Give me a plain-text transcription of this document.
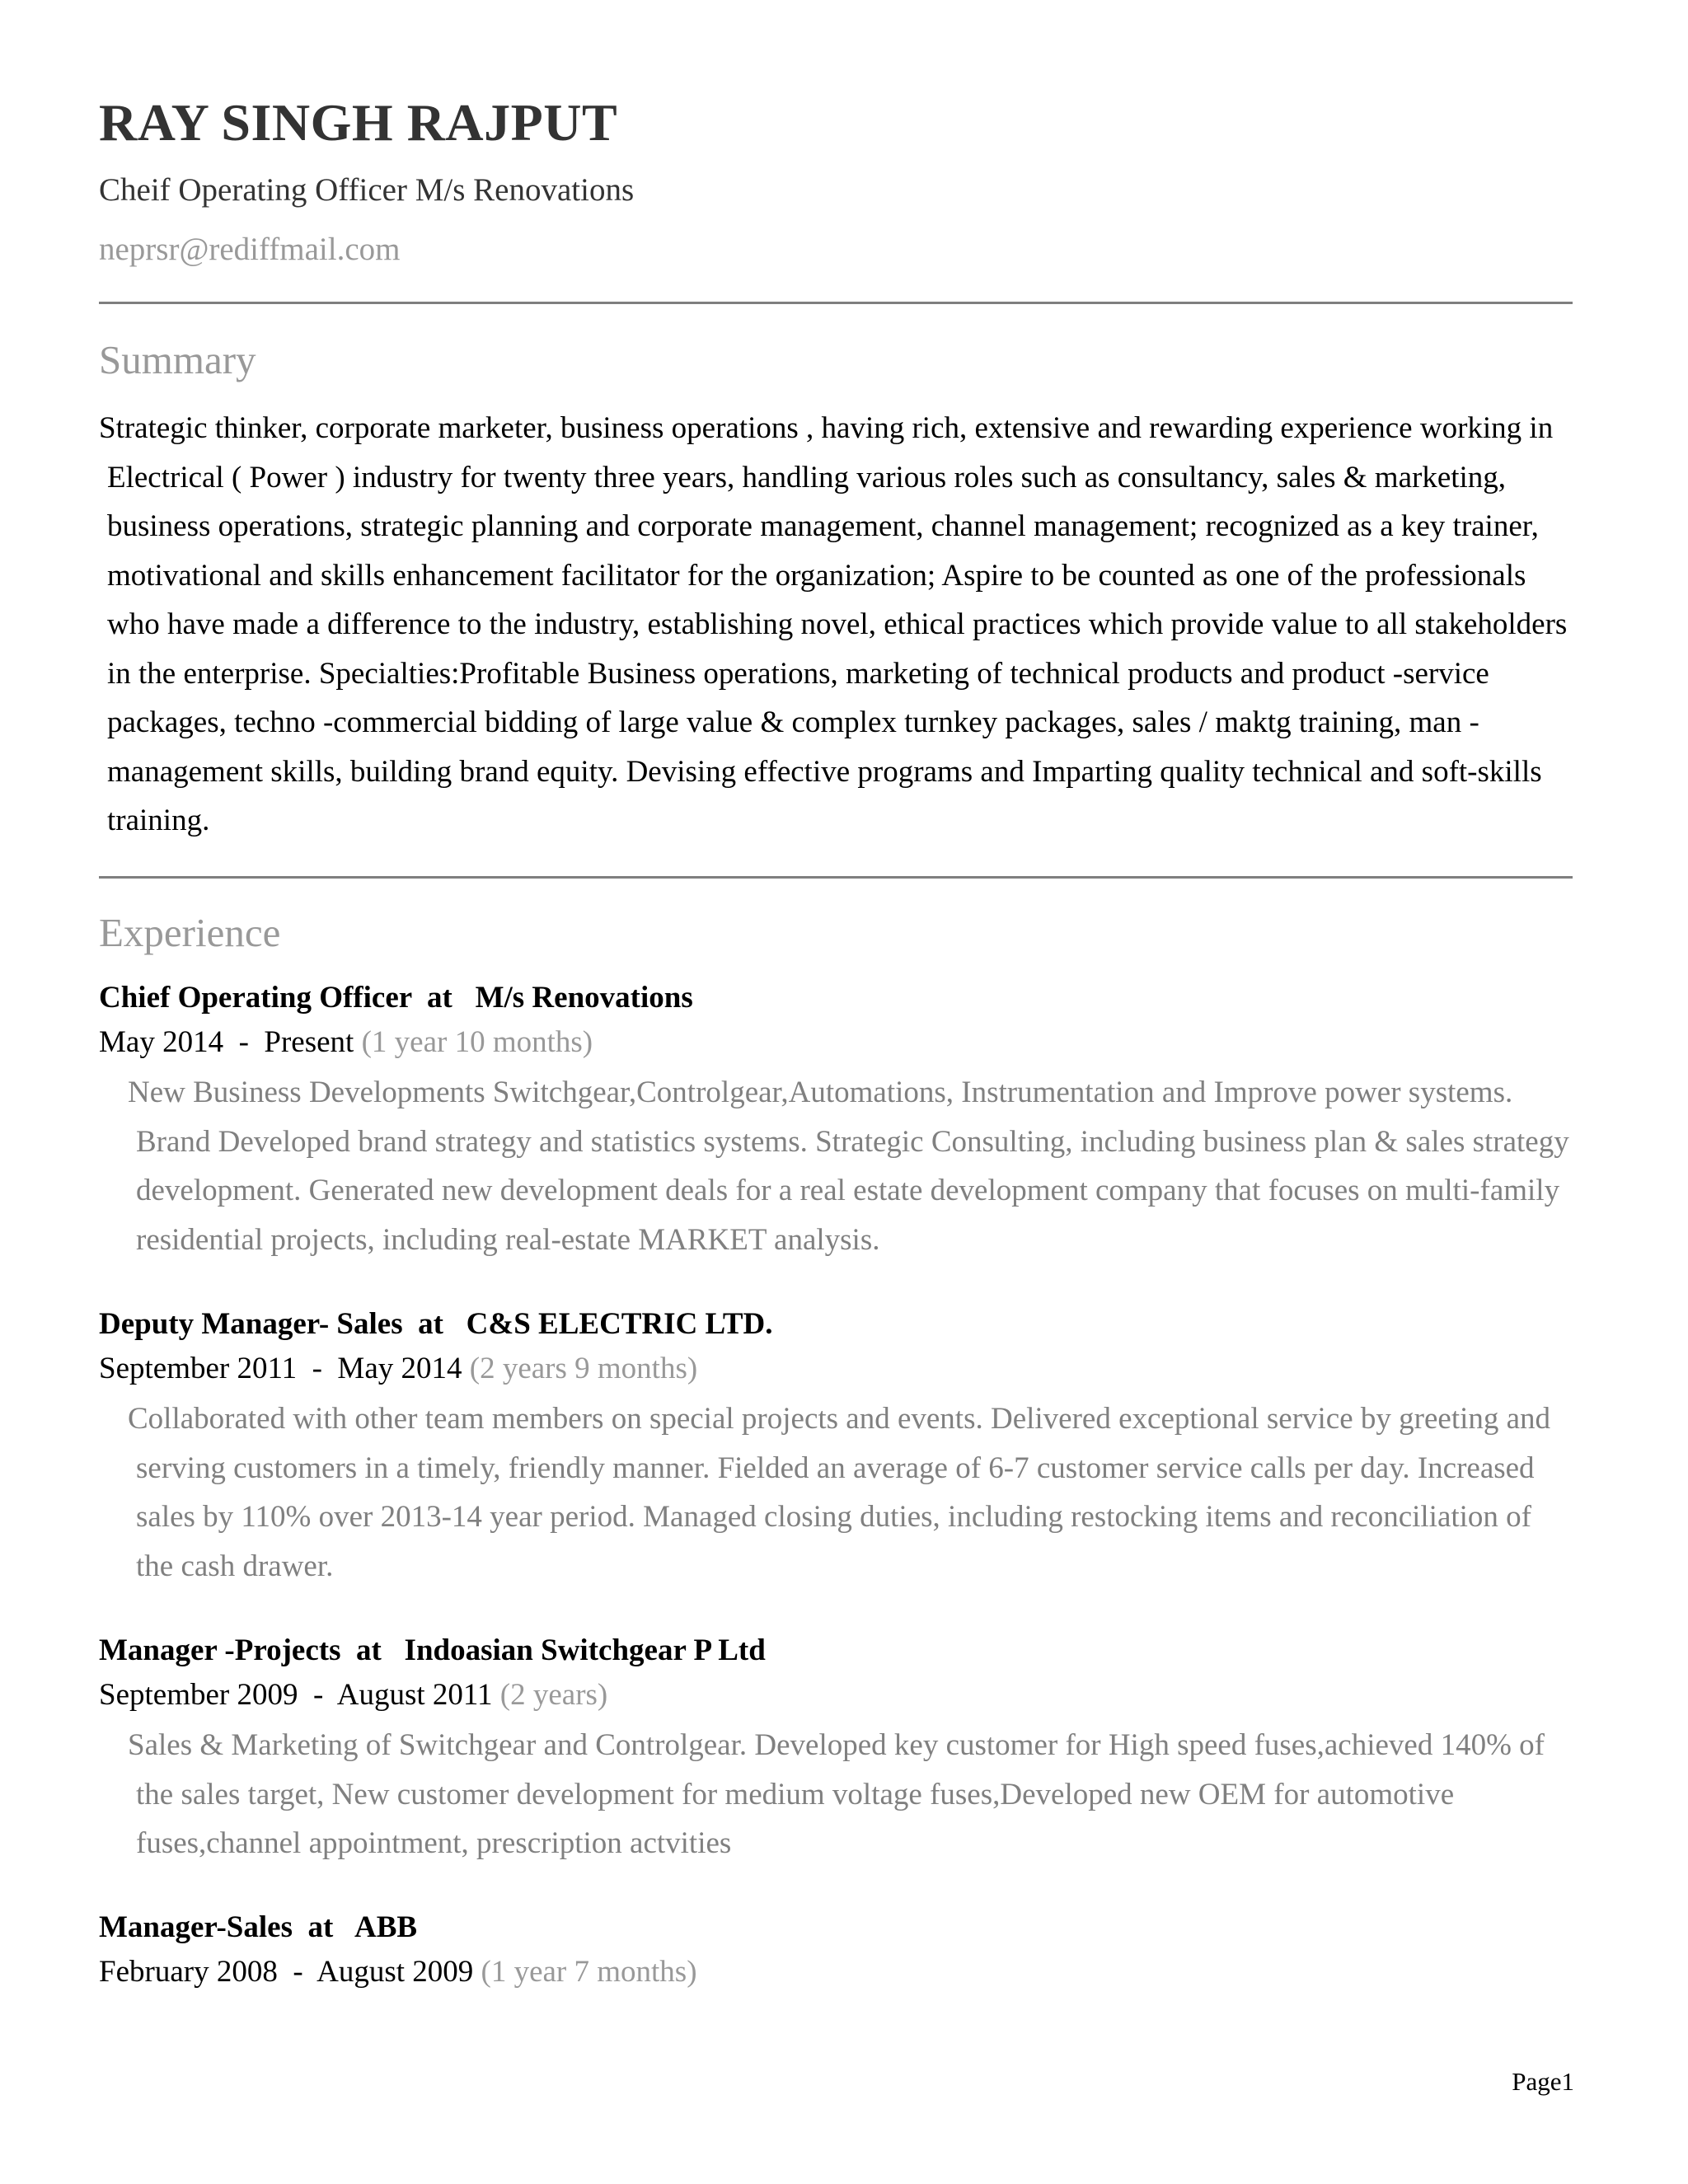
RAY SINGH RAJPUT
Cheif Operating Officer M/s Renovations
neprsr@rediffmail.com
Summary

Strategic thinker, corporate marketer, business operations , having rich, extensive and rewarding experience working in Electrical ( Power ) industry for twenty three years, handling various roles such as consultancy, sales & marketing, business operations, strategic planning and corporate management, channel management; recognized as a key trainer, motivational and skills enhancement facilitator for the organization; Aspire to be counted as one of the professionals who have made a difference to the industry, establishing novel, ethical practices which provide value to all stakeholders in the enterprise. Specialties:Profitable Business operations, marketing of technical products and product -service packages, techno -commercial bidding of large value & complex turnkey packages, sales / maktg training, man - management skills, building brand equity. Devising effective programs and Imparting quality technical and soft-skills training.

Experience
Chief Operating Officer  at   M/s Renovations
May 2014  -  Present (1 year 10 months)

New Business Developments Switchgear,Controlgear,Automations, Instrumentation and Improve power systems. Brand Developed brand strategy and statistics systems. Strategic Consulting, including business plan & sales strategy development. Generated new development deals for a real estate development company that focuses on multi-family residential projects, including real-estate MARKET analysis.

Deputy Manager- Sales  at   C&S ELECTRIC LTD.
September 2011  -  May 2014 (2 years 9 months)

Collaborated with other team members on special projects and events. Delivered exceptional service by greeting and serving customers in a timely, friendly manner. Fielded an average of 6-7 customer service calls per day. Increased sales by 110% over 2013-14 year period. Managed closing duties, including restocking items and reconciliation of the cash drawer.

Manager -Projects  at   Indoasian Switchgear P Ltd
September 2009  -  August 2011 (2 years)

Sales & Marketing of Switchgear and Controlgear. Developed key customer for High speed fuses,achieved 140% of the sales target, New customer development for medium voltage fuses,Developed new OEM for automotive fuses,channel appointment, prescription actvities

Manager-Sales  at   ABB
February 2008  -  August 2009 (1 year 7 months)
Page1
